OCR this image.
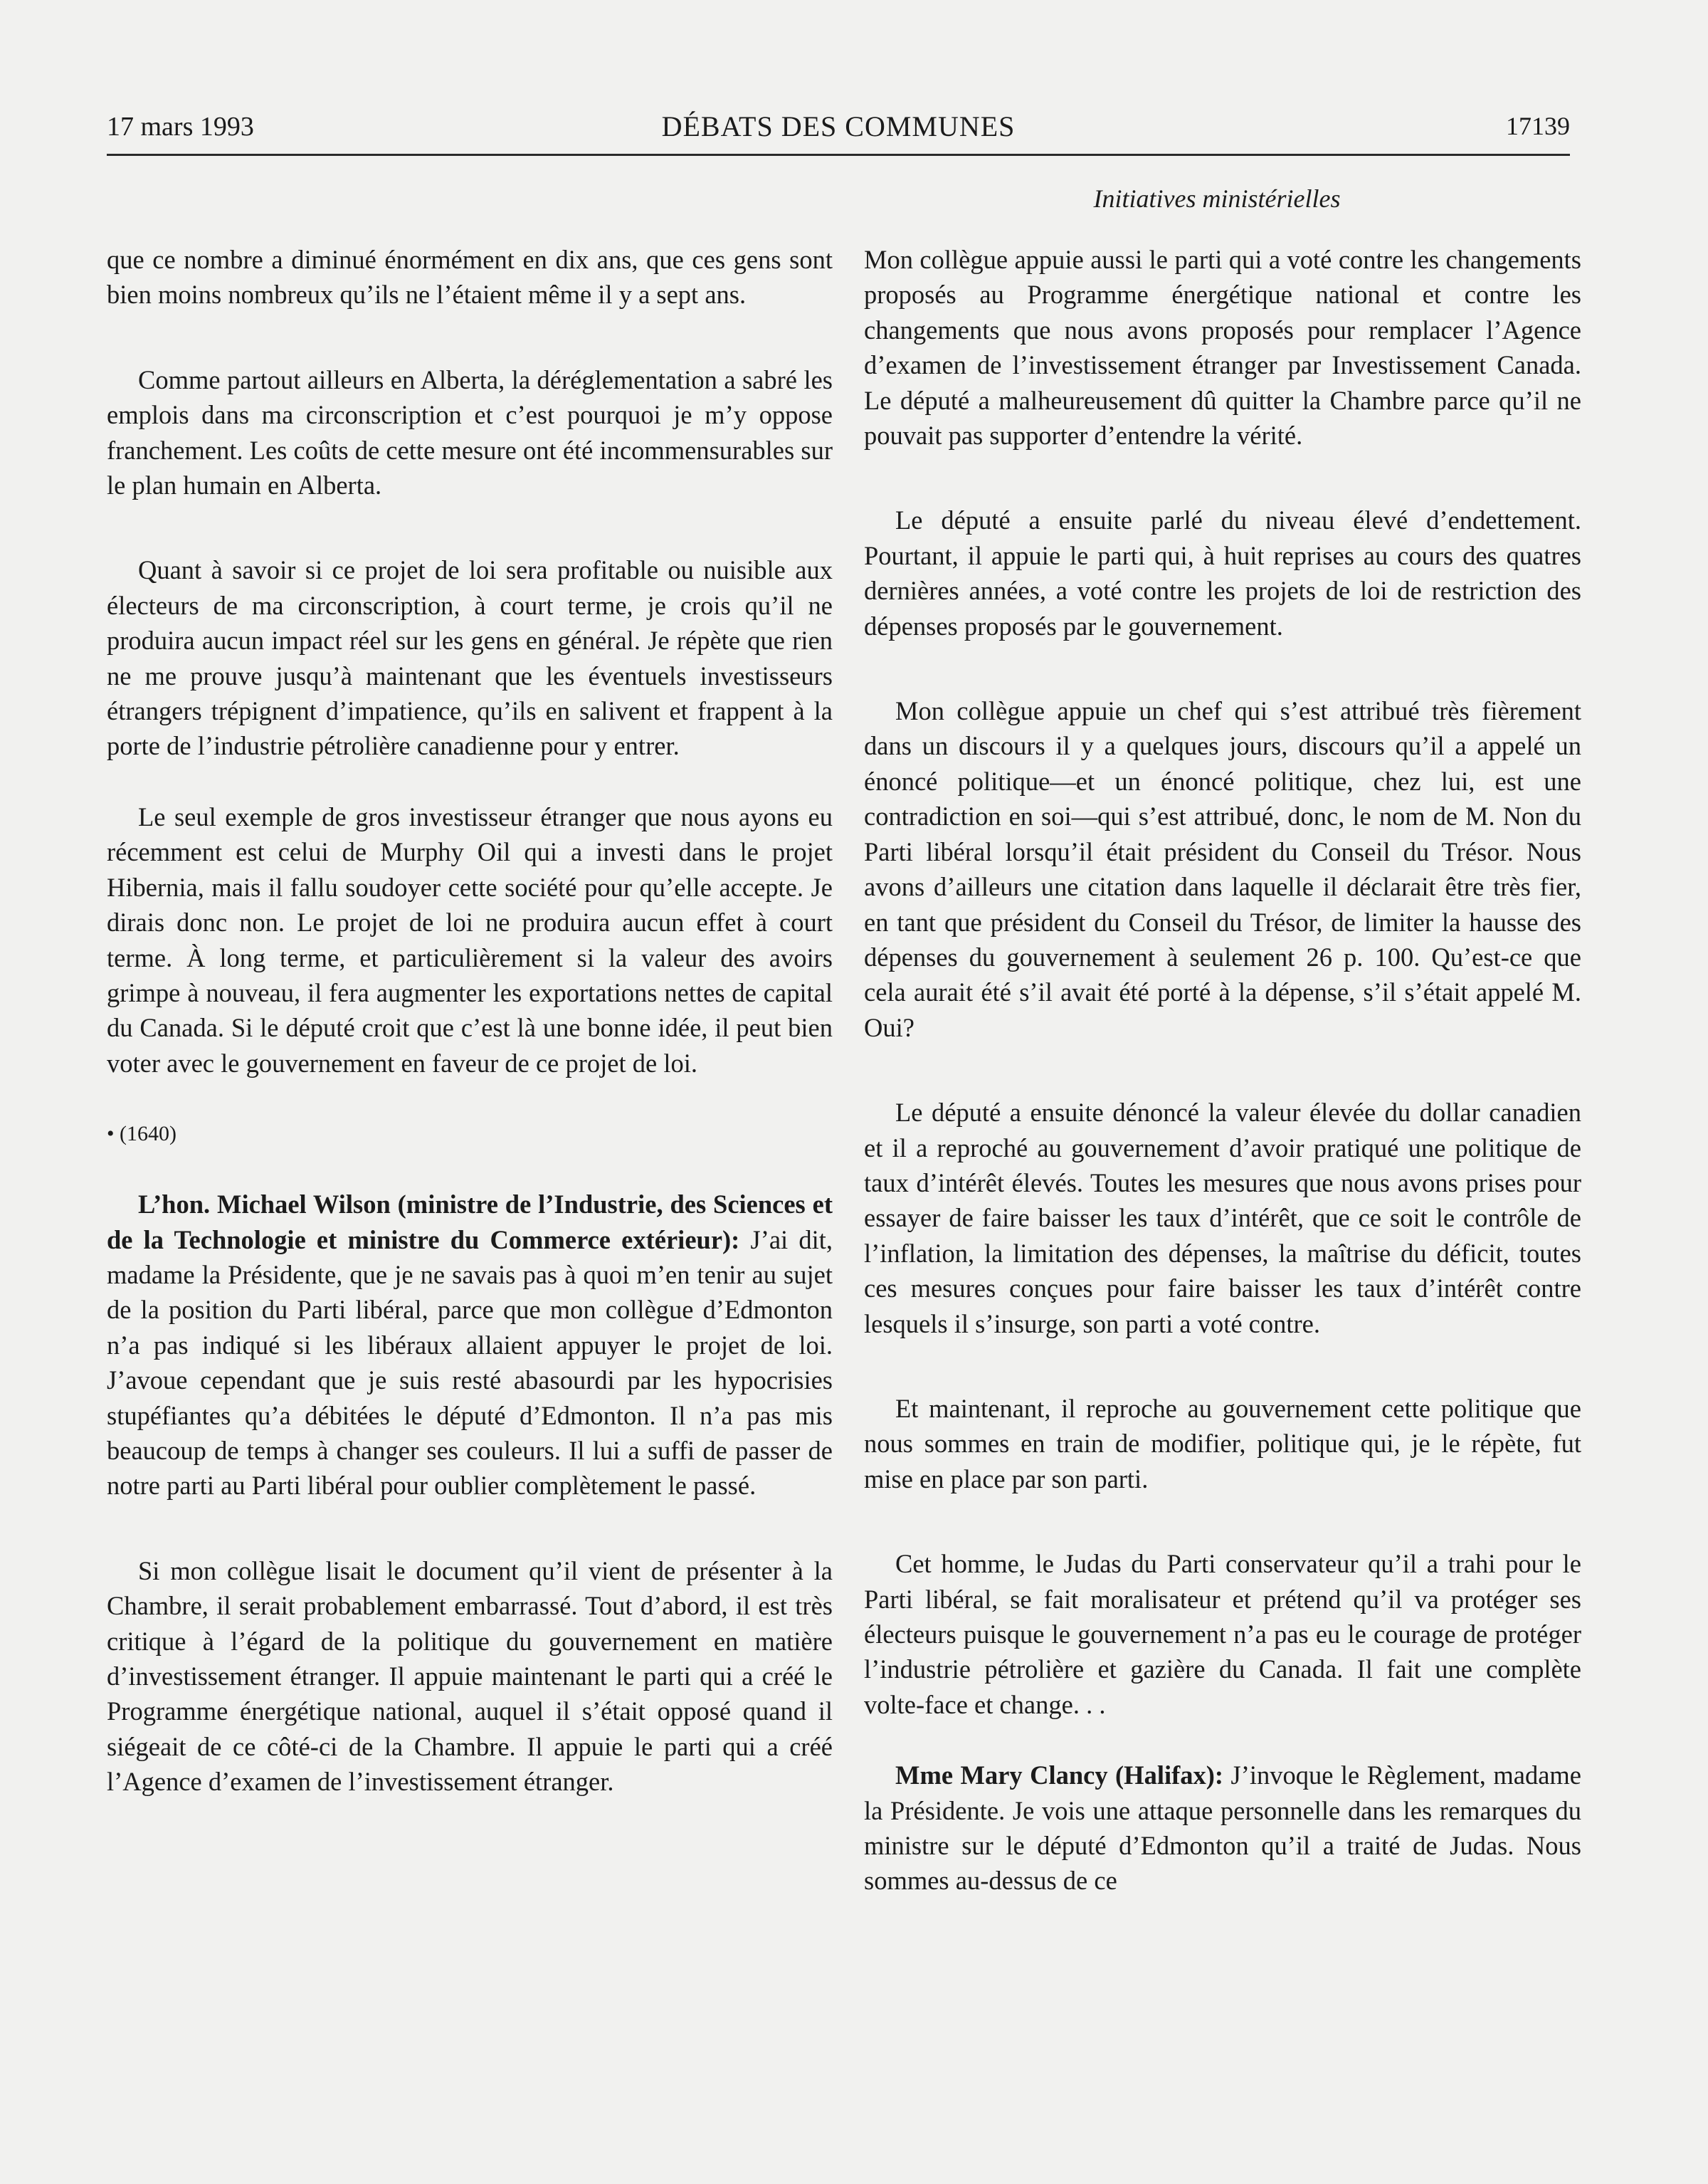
17 mars 1993	DÉBATS DES COMMUNES	17139
Initiatives ministérielles

que ce nombre a diminué énormément en dix ans, que ces gens sont bien moins nombreux qu’ils ne l’étaient même il y a sept ans.

Comme partout ailleurs en Alberta, la déréglementation a sabré les emplois dans ma circonscription et c’est pourquoi je m’y oppose franchement. Les coûts de cette mesure ont été incommensurables sur le plan humain en Alberta.

Quant à savoir si ce projet de loi sera profitable ou nuisible aux électeurs de ma circonscription, à court terme, je crois qu’il ne produira aucun impact réel sur les gens en général. Je répète que rien ne me prouve jusqu’à maintenant que les éventuels investisseurs étrangers trépignent d’impatience, qu’ils en salivent et frappent à la porte de l’industrie pétrolière canadienne pour y entrer.

Le seul exemple de gros investisseur étranger que nous ayons eu récemment est celui de Murphy Oil qui a investi dans le projet Hibernia, mais il fallu soudoyer cette société pour qu’elle accepte. Je dirais donc non. Le projet de loi ne produira aucun effet à court terme. À long terme, et particulièrement si la valeur des avoirs grimpe à nouveau, il fera augmenter les exportations nettes de capital du Canada. Si le député croit que c’est là une bonne idée, il peut bien voter avec le gouvernement en faveur de ce projet de loi.

• (1640)

L’hon. Michael Wilson (ministre de l’Industrie, des Sciences et de la Technologie et ministre du Commerce extérieur): J’ai dit, madame la Présidente, que je ne savais pas à quoi m’en tenir au sujet de la position du Parti libéral, parce que mon collègue d’Edmonton n’a pas indiqué si les libéraux allaient appuyer le projet de loi. J’avoue cependant que je suis resté abasourdi par les hypocrisies stupéfiantes qu’a débitées le député d’Edmonton. Il n’a pas mis beaucoup de temps à changer ses couleurs. Il lui a suffi de passer de notre parti au Parti libéral pour oublier complètement le passé.

Si mon collègue lisait le document qu’il vient de présenter à la Chambre, il serait probablement embarrassé. Tout d’abord, il est très critique à l’égard de la politique du gouvernement en matière d’investissement étranger. Il appuie maintenant le parti qui a créé le Programme énergétique national, auquel il s’était opposé quand il siégeait de ce côté-ci de la Chambre. Il appuie le parti qui a créé l’Agence d’examen de l’investissement étranger.

Mon collègue appuie aussi le parti qui a voté contre les changements proposés au Programme énergétique national et contre les changements que nous avons proposés pour remplacer l’Agence d’examen de l’investissement étranger par Investissement Canada. Le député a malheureusement dû quitter la Chambre parce qu’il ne pouvait pas supporter d’entendre la vérité.

Le député a ensuite parlé du niveau élevé d’endettement. Pourtant, il appuie le parti qui, à huit reprises au cours des quatres dernières années, a voté contre les projets de loi de restriction des dépenses proposés par le gouvernement.

Mon collègue appuie un chef qui s’est attribué très fièrement dans un discours il y a quelques jours, discours qu’il a appelé un énoncé politique—et un énoncé politique, chez lui, est une contradiction en soi—qui s’est attribué, donc, le nom de M. Non du Parti libéral lorsqu’il était président du Conseil du Trésor. Nous avons d’ailleurs une citation dans laquelle il déclarait être très fier, en tant que président du Conseil du Trésor, de limiter la hausse des dépenses du gouvernement à seulement 26 p. 100. Qu’est-ce que cela aurait été s’il avait été porté à la dépense, s’il s’était appelé M. Oui?

Le député a ensuite dénoncé la valeur élevée du dollar canadien et il a reproché au gouvernement d’avoir pratiqué une politique de taux d’intérêt élevés. Toutes les mesures que nous avons prises pour essayer de faire baisser les taux d’intérêt, que ce soit le contrôle de l’inflation, la limitation des dépenses, la maîtrise du déficit, toutes ces mesures conçues pour faire baisser les taux d’intérêt contre lesquels il s’insurge, son parti a voté contre.

Et maintenant, il reproche au gouvernement cette politique que nous sommes en train de modifier, politique qui, je le répète, fut mise en place par son parti.

Cet homme, le Judas du Parti conservateur qu’il a trahi pour le Parti libéral, se fait moralisateur et prétend qu’il va protéger ses électeurs puisque le gouvernement n’a pas eu le courage de protéger l’industrie pétrolière et gazière du Canada. Il fait une complète volte-face et change. . .

Mme Mary Clancy (Halifax): J’invoque le Règlement, madame la Présidente. Je vois une attaque personnelle dans les remarques du ministre sur le député d’Edmonton qu’il a traité de Judas. Nous sommes au-dessus de ce
